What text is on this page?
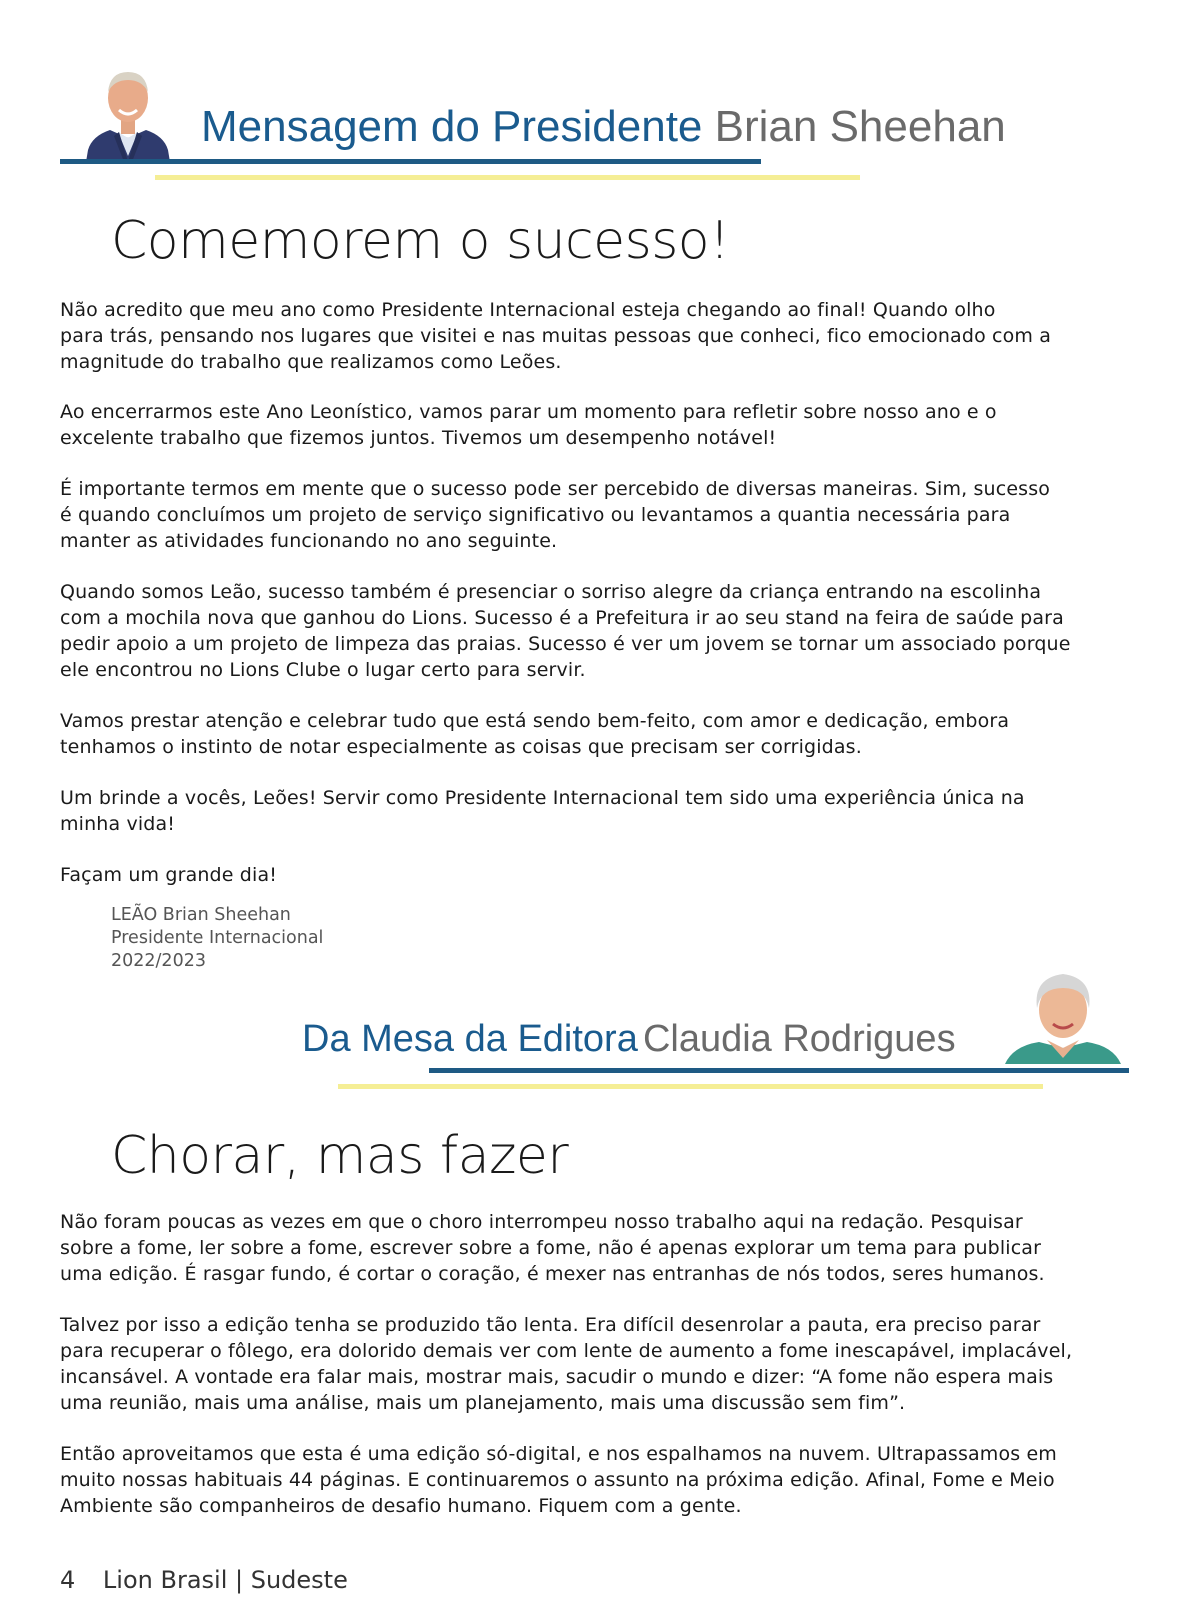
Mensagem do Presidente Brian Sheehan
Comemorem o sucesso!

Não acredito que meu ano como Presidente Internacional esteja chegando ao final! Quando olho
para trás, pensando nos lugares que visitei e nas muitas pessoas que conheci, fico emocionado com a
magnitude do trabalho que realizamos como Leões.

Ao encerrarmos este Ano Leonístico, vamos parar um momento para refletir sobre nosso ano e o
excelente trabalho que fizemos juntos. Tivemos um desempenho notável!

É importante termos em mente que o sucesso pode ser percebido de diversas maneiras. Sim, sucesso
é quando concluímos um projeto de serviço significativo ou levantamos a quantia necessária para
manter as atividades funcionando no ano seguinte.

Quando somos Leão, sucesso também é presenciar o sorriso alegre da criança entrando na escolinha
com a mochila nova que ganhou do Lions. Sucesso é a Prefeitura ir ao seu stand na feira de saúde para
pedir apoio a um projeto de limpeza das praias. Sucesso é ver um jovem se tornar um associado porque
ele encontrou no Lions Clube o lugar certo para servir.

Vamos prestar atenção e celebrar tudo que está sendo bem-feito, com amor e dedicação, embora
tenhamos o instinto de notar especialmente as coisas que precisam ser corrigidas.

Um brinde a vocês, Leões! Servir como Presidente Internacional tem sido uma experiência única na
minha vida!

Façam um grande dia!

LEÃO Brian Sheehan
Presidente Internacional
2022/2023
Da Mesa da Editora Claudia Rodrigues
Chorar, mas fazer

Não foram poucas as vezes em que o choro interrompeu nosso trabalho aqui na redação. Pesquisar
sobre a fome, ler sobre a fome, escrever sobre a fome, não é apenas explorar um tema para publicar
uma edição. É rasgar fundo, é cortar o coração, é mexer nas entranhas de nós todos, seres humanos.

Talvez por isso a edição tenha se produzido tão lenta. Era difícil desenrolar a pauta, era preciso parar
para recuperar o fôlego, era dolorido demais ver com lente de aumento a fome inescapável, implacável,
incansável. A vontade era falar mais, mostrar mais, sacudir o mundo e dizer: “A fome não espera mais
uma reunião, mais uma análise, mais um planejamento, mais uma discussão sem fim”.

Então aproveitamos que esta é uma edição só-digital, e nos espalhamos na nuvem. Ultrapassamos em
muito nossas habituais 44 páginas. E continuaremos o assunto na próxima edição. Afinal, Fome e Meio
Ambiente são companheiros de desafio humano. Fiquem com a gente.

4 Lion Brasil | Sudeste
